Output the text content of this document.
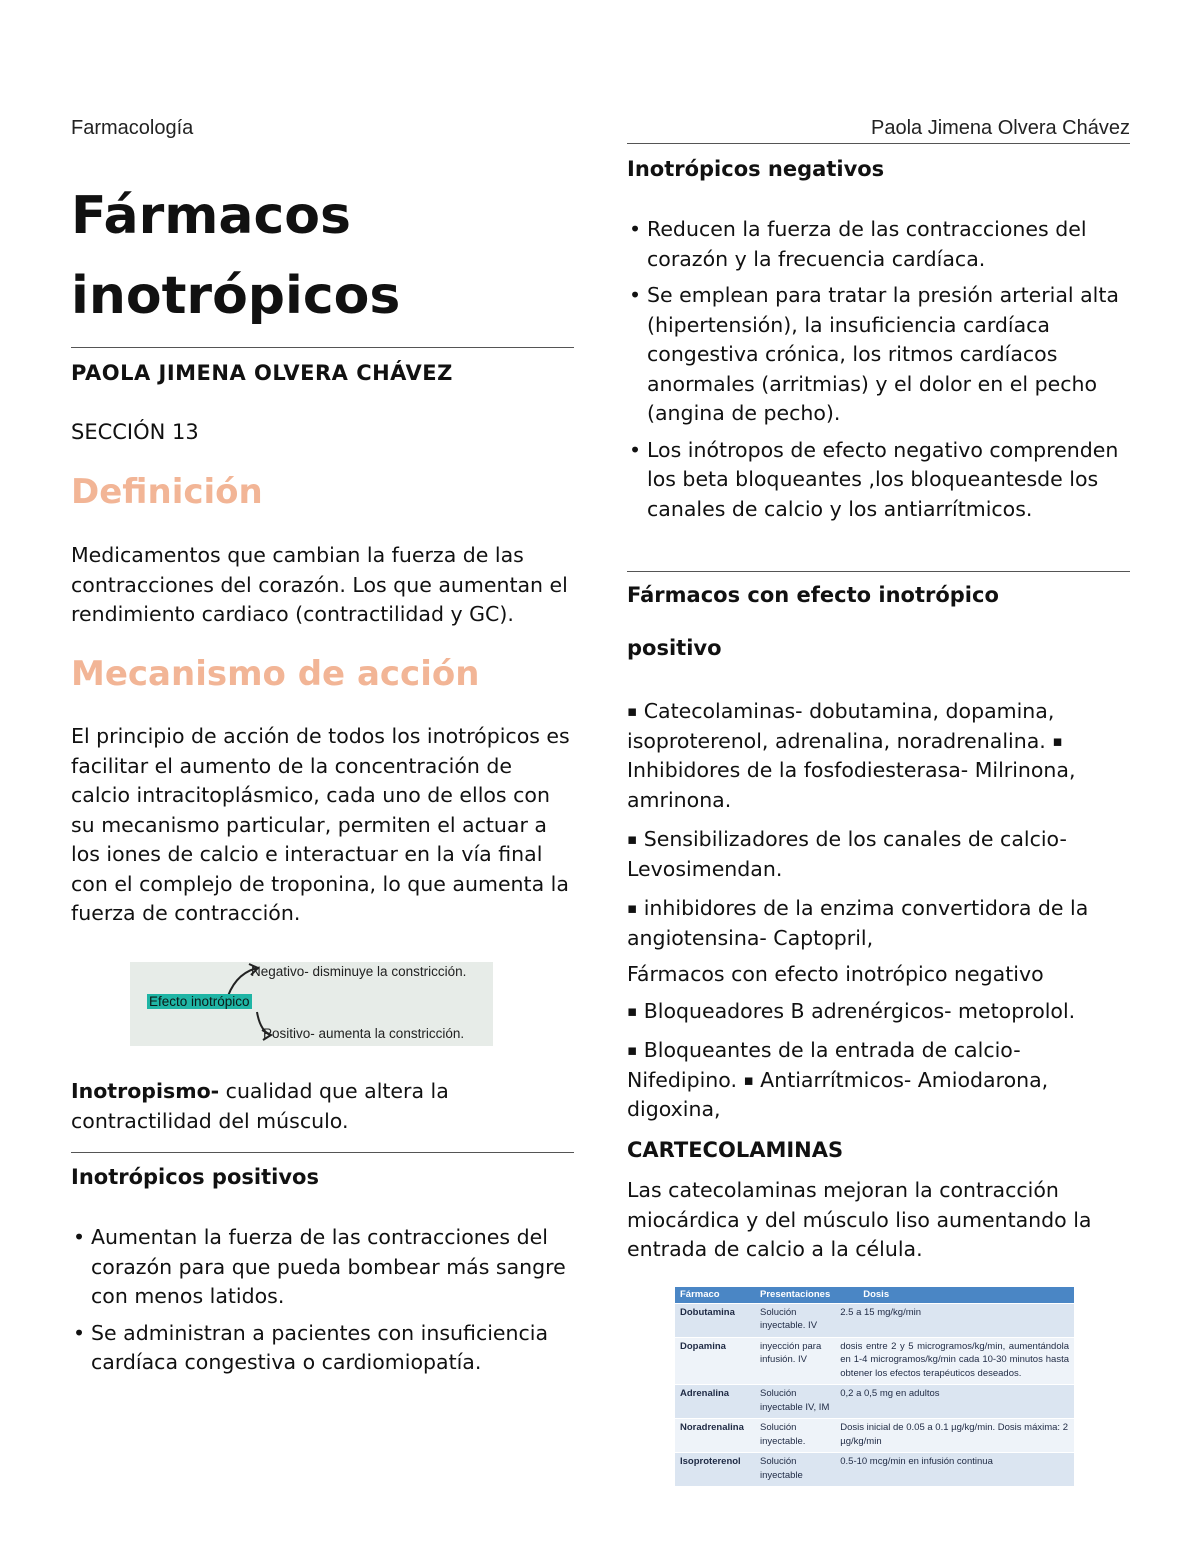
Farmacología	Paola Jimena Olvera Chávez
Fármacos
inotrópicos
PAOLA JIMENA OLVERA CHÁVEZ
SECCIÓN 13
Definición

Medicamentos que cambian la fuerza de las contracciones del corazón. Los que aumentan el rendimiento cardiaco (contractilidad y GC).

Mecanismo de acción

El principio de acción de todos los inotrópicos es facilitar el aumento de la concentración de calcio intracitoplásmico, cada uno de ellos con su mecanismo particular, permiten el actuar a los iones de calcio e interactuar en la vía final con el complejo de troponina, lo que aumenta la fuerza de contracción.

Efecto inotrópico
Negativo- disminuye la constricción.
Positivo- aumenta la constricción.

Inotropismo- cualidad que altera la contractilidad del músculo.

Inotrópicos positivos
• Aumentan la fuerza de las contracciones del corazón para que pueda bombear más sangre con menos latidos.
• Se administran a pacientes con insuficiencia cardíaca congestiva o cardiomiopatía.
Inotrópicos negativos
• Reducen la fuerza de las contracciones del corazón y la frecuencia cardíaca.
• Se emplean para tratar la presión arterial alta (hipertensión), la insuficiencia cardíaca congestiva crónica, los ritmos cardíacos anormales (arritmias) y el dolor en el pecho (angina de pecho).
• Los inótropos de efecto negativo comprenden los beta bloqueantes ,los bloqueantesde los canales de calcio y los antiarrítmicos.
Fármacos con efecto inotrópico
positivo

▪ Catecolaminas- dobutamina, dopamina, isoproterenol, adrenalina, noradrenalina. ▪ Inhibidores de la fosfodiesterasa- Milrinona, amrinona.

▪ Sensibilizadores de los canales de calcio- Levosimendan.

▪ inhibidores de la enzima convertidora de la angiotensina- Captopril,

Fármacos con efecto inotrópico negativo

▪ Bloqueadores B adrenérgicos- metoprolol.

▪ Bloqueantes de la entrada de calcio- Nifedipino. ▪ Antiarrítmicos- Amiodarona, digoxina,

CARTECOLAMINAS

Las catecolaminas mejoran la contracción miocárdica y del músculo liso aumentando la entrada de calcio a la célula.

Fármaco	Presentaciones	Dosis
Dobutamina	Solución inyectable. IV	2.5 a 15 mg/kg/min
Dopamina	inyección para infusión. IV	dosis entre 2 y 5 microgramos/kg/min, aumentándola en 1-4 microgramos/kg/min cada 10-30 minutos hasta obtener los efectos terapéuticos deseados.
Adrenalina	Solución inyectable IV, IM	0,2 a 0,5 mg en adultos
Noradrenalina	Solución inyectable.	Dosis inicial de 0.05 a 0.1 µg/kg/min. Dosis máxima: 2 µg/kg/min
Isoproterenol	Solución inyectable	0.5-10 mcg/min en infusión continua
